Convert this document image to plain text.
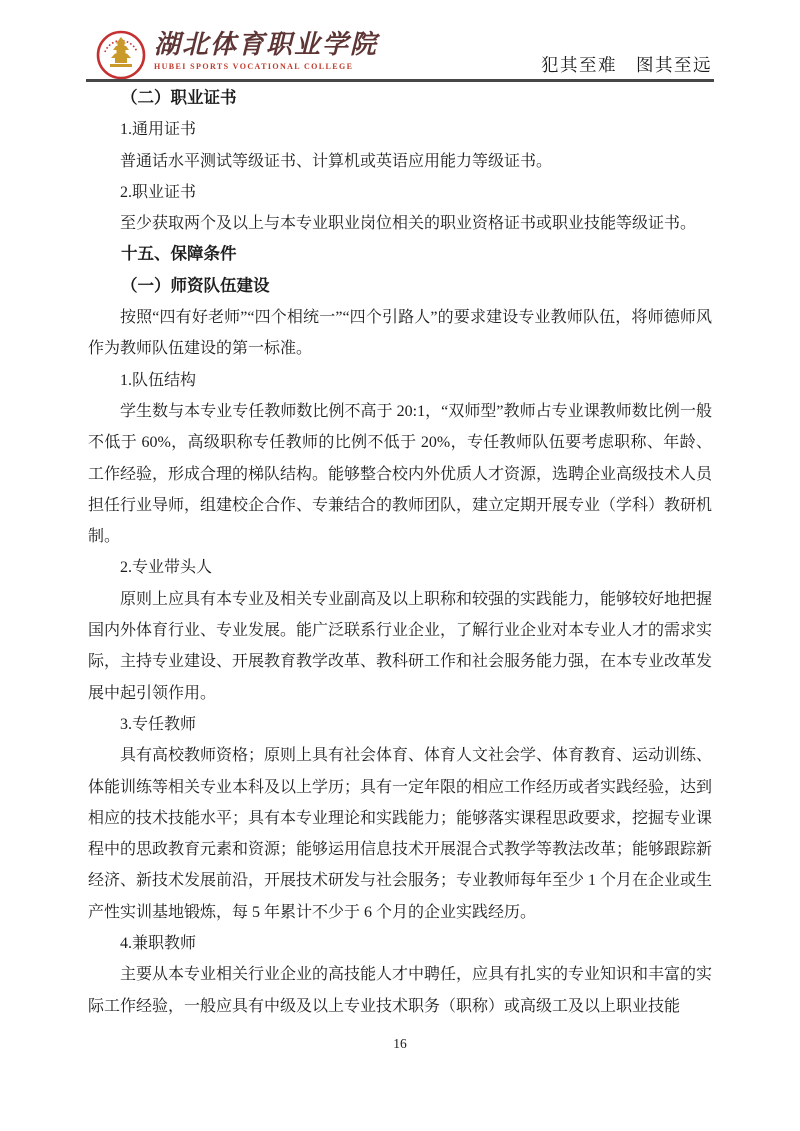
湖北体育职业学院
HUBEI SPORTS VOCATIONAL COLLEGE	犯其至难　图其至远

（二）职业证书

1.通用证书

普通话水平测试等级证书、计算机或英语应用能力等级证书。

2.职业证书

至少获取两个及以上与本专业职业岗位相关的职业资格证书或职业技能等级证书。

十五、保障条件

（一）师资队伍建设

按照“四有好老师”“四个相统一”“四个引路人”的要求建设专业教师队伍，将师德师风作为教师队伍建设的第一标准。

1.队伍结构

学生数与本专业专任教师数比例不高于 20:1，“双师型”教师占专业课教师数比例一般不低于 60%，高级职称专任教师的比例不低于 20%，专任教师队伍要考虑职称、年龄、工作经验，形成合理的梯队结构。能够整合校内外优质人才资源，选聘企业高级技术人员担任行业导师，组建校企合作、专兼结合的教师团队，建立定期开展专业（学科）教研机制。

2.专业带头人

原则上应具有本专业及相关专业副高及以上职称和较强的实践能力，能够较好地把握国内外体育行业、专业发展。能广泛联系行业企业，了解行业企业对本专业人才的需求实际，主持专业建设、开展教育教学改革、教科研工作和社会服务能力强，在本专业改革发展中起引领作用。

3.专任教师

具有高校教师资格；原则上具有社会体育、体育人文社会学、体育教育、运动训练、体能训练等相关专业本科及以上学历；具有一定年限的相应工作经历或者实践经验，达到相应的技术技能水平；具有本专业理论和实践能力；能够落实课程思政要求，挖掘专业课程中的思政教育元素和资源；能够运用信息技术开展混合式教学等教法改革；能够跟踪新经济、新技术发展前沿，开展技术研发与社会服务；专业教师每年至少 1 个月在企业或生产性实训基地锻炼，每 5 年累计不少于 6 个月的企业实践经历。

4.兼职教师

主要从本专业相关行业企业的高技能人才中聘任，应具有扎实的专业知识和丰富的实际工作经验，一般应具有中级及以上专业技术职务（职称）或高级工及以上职业技能

16
